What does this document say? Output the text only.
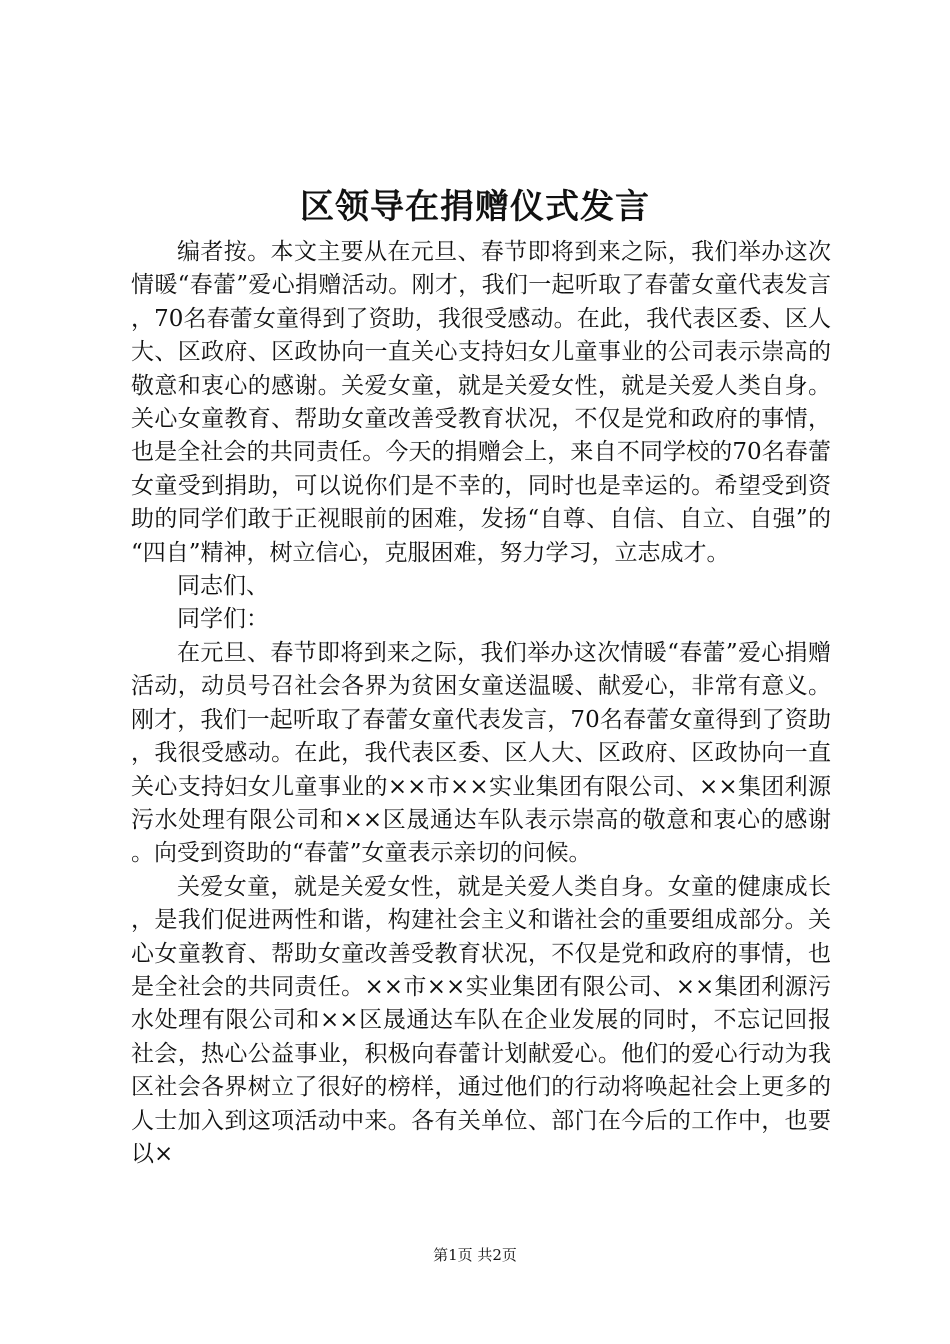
区领导在捐赠仪式发言

编者按。本文主要从在元旦、春节即将到来之际，我们举办这次情暖“春蕾”爱心捐赠活动。刚才，我们一起听取了春蕾女童代表发言，70名春蕾女童得到了资助，我很受感动。在此，我代表区委、区人大、区政府、区政协向一直关心支持妇女儿童事业的公司表示崇高的敬意和衷心的感谢。关爱女童，就是关爱女性，就是关爱人类自身。关心女童教育、帮助女童改善受教育状况，不仅是党和政府的事情，也是全社会的共同责任。今天的捐赠会上，来自不同学校的70名春蕾女童受到捐助，可以说你们是不幸的，同时也是幸运的。希望受到资助的同学们敢于正视眼前的困难，发扬“自尊、自信、自立、自强”的“四自”精神，树立信心，克服困难，努力学习，立志成才。

同志们、

同学们：

在元旦、春节即将到来之际，我们举办这次情暖“春蕾”爱心捐赠活动，动员号召社会各界为贫困女童送温暖、献爱心，非常有意义。刚才，我们一起听取了春蕾女童代表发言，70名春蕾女童得到了资助，我很受感动。在此，我代表区委、区人大、区政府、区政协向一直关心支持妇女儿童事业的××市××实业集团有限公司、××集团利源污水处理有限公司和××区晟通达车队表示崇高的敬意和衷心的感谢。向受到资助的“春蕾”女童表示亲切的问候。

关爱女童，就是关爱女性，就是关爱人类自身。女童的健康成长，是我们促进两性和谐，构建社会主义和谐社会的重要组成部分。关心女童教育、帮助女童改善受教育状况，不仅是党和政府的事情，也是全社会的共同责任。××市××实业集团有限公司、××集团利源污水处理有限公司和××区晟通达车队在企业发展的同时，不忘记回报社会，热心公益事业，积极向春蕾计划献爱心。他们的爱心行动为我区社会各界树立了很好的榜样，通过他们的行动将唤起社会上更多的人士加入到这项活动中来。各有关单位、部门在今后的工作中，也要以×

第1页 共2页
